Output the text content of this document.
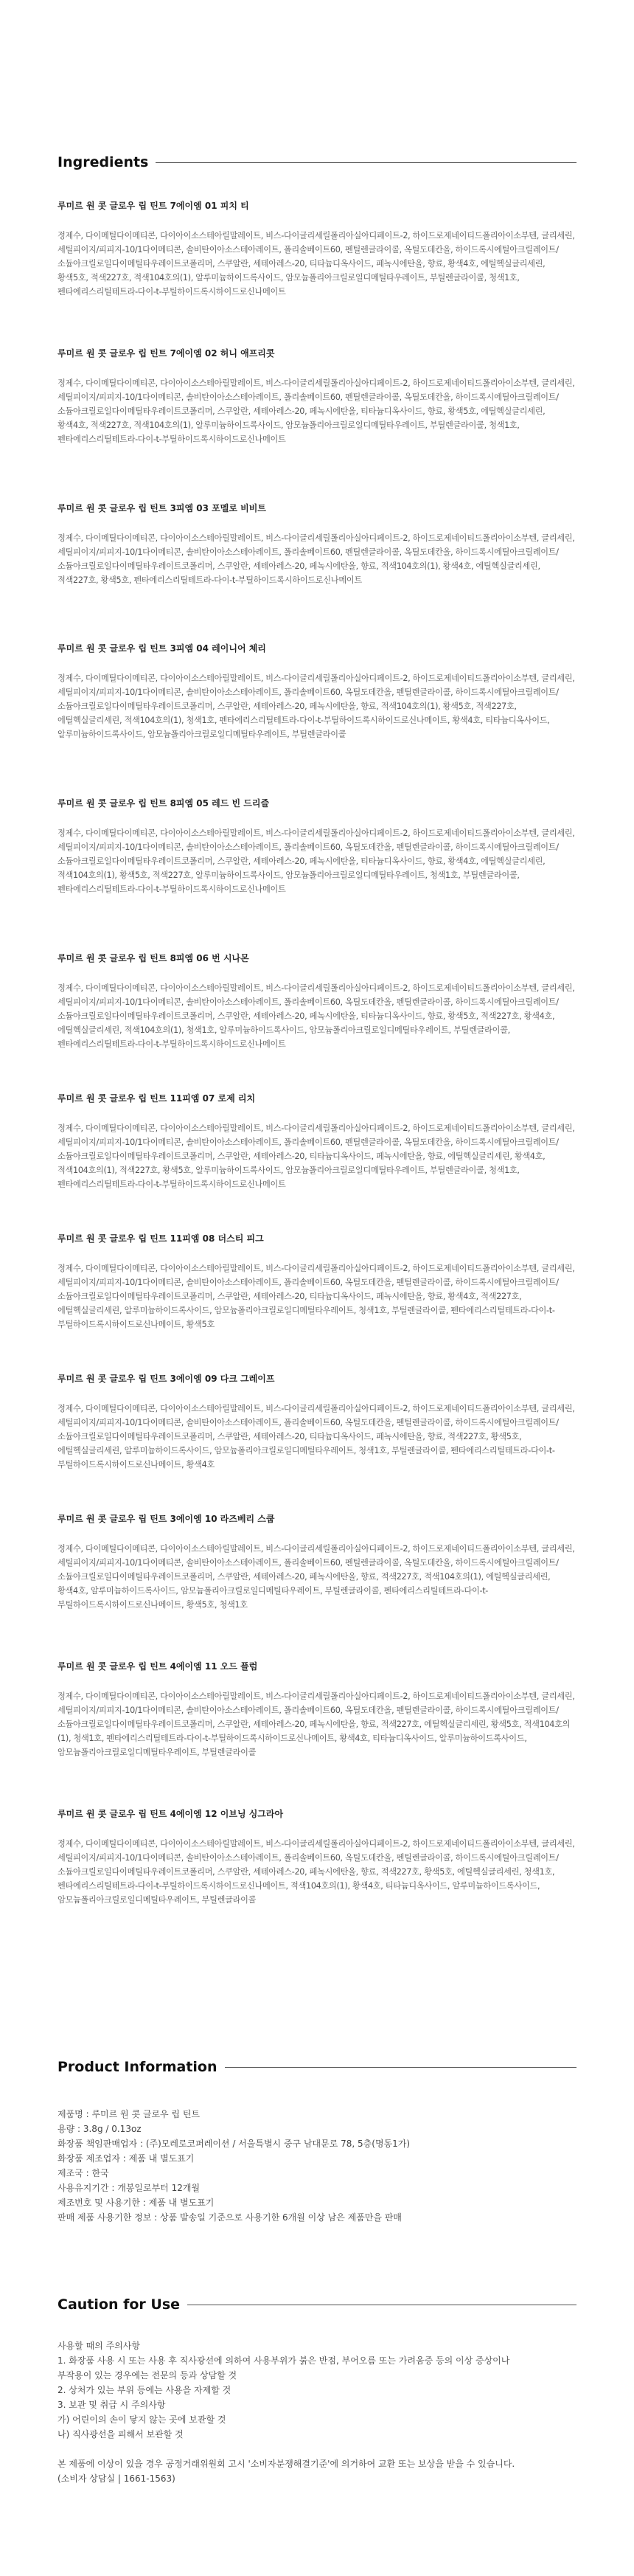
Ingredients

루미르 원 콧 글로우 립 틴트 7에이엠 01 피치 티

정제수, 다이메틸다이메티콘, 다이아이소스테아릴말레이트, 비스-다이글리세릴폴리아실아디페이트-2, 하이드로제네이티드폴리아이소부텐, 글리세린, 세틸피이지/피피지-10/1다이메티콘, 솔비탄이아소스테아레이트, 폴리솔베이트60, 펜틸렌글라이콜, 옥틸도데칸올, 하이드록시에틸아크릴레이트/소듐아크릴로일다이메틸타우레이트코폴리머, 스쿠알란, 세테아레스-20, 티타늄디옥사이드, 페녹시에탄올, 향료, 황색4호, 에틸헥실글리세린, 황색5호, 적색227호, 적색104호의(1), 알루미늄하이드록사이드, 암모늄폴리아크릴로일디메틸타우레이트, 부틸렌글라이콜, 청색1호, 펜타에리스리틸테트라-다이-t-부틸하이드록시하이드로신나메이트

루미르 원 콧 글로우 립 틴트 7에이엠 02 허니 애프리콧

정제수, 다이메틸다이메티콘, 다이아이소스테아릴말레이트, 비스-다이글리세릴폴리아실아디페이트-2, 하이드로제네이티드폴리아이소부텐, 글리세린, 세틸피이지/피피지-10/1다이메티콘, 솔비탄이아소스테아레이트, 폴리솔베이트60, 펜틸렌글라이콜, 옥틸도데칸올, 하이드록시에틸아크릴레이트/소듐아크릴로일다이메틸타우레이트코폴리머, 스쿠알란, 세테아레스-20, 페녹시에탄올, 티타늄디옥사이드, 향료, 황색5호, 에틸헥실글리세린, 황색4호, 적색227호, 적색104호의(1), 알루미늄하이드록사이드, 암모늄폴리아크릴로일디메틸타우레이트, 부틸렌글라이콜, 청색1호, 펜타에리스리틸테트라-다이-t-부틸하이드록시하이드로신나메이트

루미르 원 콧 글로우 립 틴트 3피엠 03 포멜로 비비트

정제수, 다이메틸다이메티콘, 다이아이소스테아릴말레이트, 비스-다이글리세릴폴리아실아디페이트-2, 하이드로제네이티드폴리아이소부텐, 글리세린, 세틸피이지/피피지-10/1다이메티콘, 솔비탄이아소스테아레이트, 폴리솔베이트60, 펜틸렌글라이콜, 옥틸도데칸올, 하이드록시에틸아크릴레이트/소듐아크릴로일다이메틸타우레이트코폴리머, 스쿠알란, 세테아레스-20, 페녹시에탄올, 향료, 적색104호의(1), 황색4호, 에틸헥실글리세린, 적색227호, 황색5호, 펜타에리스리틸테트라-다이-t-부틸하이드록시하이드로신나메이트

루미르 원 콧 글로우 립 틴트 3피엠 04 레이니어 체리

정제수, 다이메틸다이메티콘, 다이아이소스테아릴말레이트, 비스-다이글리세릴폴리아실아디페이트-2, 하이드로제네이티드폴리아이소부텐, 글리세린, 세틸피이지/피피지-10/1다이메티콘, 솔비탄이아소스테아레이트, 폴리솔베이트60, 옥틸도데칸올, 펜틸렌글라이콜, 하이드록시에틸아크릴레이트/소듐아크릴로일다이메틸타우레이트코폴리머, 스쿠알란, 세테아레스-20, 페녹시에탄올, 향료, 적색104호의(1), 황색5호, 적색227호, 에틸헥실글리세린, 적색104호의(1), 청색1호, 펜타에리스리틸테트라-다이-t-부틸하이드록시하이드로신나메이트, 황색4호, 티타늄디옥사이드, 알루미늄하이드록사이드, 암모늄폴리아크릴로일디메틸타우레이트, 부틸렌글라이콜

루미르 원 콧 글로우 립 틴트 8피엠 05 레드 빈 드리즐

정제수, 다이메틸다이메티콘, 다이아이소스테아릴말레이트, 비스-다이글리세릴폴리아실아디페이트-2, 하이드로제네이티드폴리아이소부텐, 글리세린, 세틸피이지/피피지-10/1다이메티콘, 솔비탄이아소스테아레이트, 폴리솔베이트60, 옥틸도데칸올, 펜틸렌글라이콜, 하이드록시에틸아크릴레이트/소듐아크릴로일다이메틸타우레이트코폴리머, 스쿠알란, 세테아레스-20, 페녹시에탄올, 티타늄디옥사이드, 향료, 황색4호, 에틸헥실글리세린, 적색104호의(1), 황색5호, 적색227호, 알루미늄하이드록사이드, 암모늄폴리아크릴로일디메틸타우레이트, 청색1호, 부틸렌글라이콜, 펜타에리스리틸테트라-다이-t-부틸하이드록시하이드로신나메이트

루미르 원 콧 글로우 립 틴트 8피엠 06 번 시나몬

정제수, 다이메틸다이메티콘, 다이아이소스테아릴말레이트, 비스-다이글리세릴폴리아실아디페이트-2, 하이드로제네이티드폴리아이소부텐, 글리세린, 세틸피이지/피피지-10/1다이메티콘, 솔비탄이아소스테아레이트, 폴리솔베이트60, 옥틸도데칸올, 펜틸렌글라이콜, 하이드록시에틸아크릴레이트/소듐아크릴로일다이메틸타우레이트코폴리머, 스쿠알란, 세테아레스-20, 페녹시에탄올, 티타늄디옥사이드, 향료, 황색5호, 적색227호, 황색4호, 에틸헥실글리세린, 적색104호의(1), 청색1호, 알루미늄하이드록사이드, 암모늄폴리아크릴로일디메틸타우레이트, 부틸렌글라이콜, 펜타에리스리틸테트라-다이-t-부틸하이드록시하이드로신나메이트

루미르 원 콧 글로우 립 틴트 11피엠 07 로제 리치

정제수, 다이메틸다이메티콘, 다이아이소스테아릴말레이트, 비스-다이글리세릴폴리아실아디페이트-2, 하이드로제네이티드폴리아이소부텐, 글리세린, 세틸피이지/피피지-10/1다이메티콘, 솔비탄이아소스테아레이트, 폴리솔베이트60, 펜틸렌글라이콜, 옥틸도데칸올, 하이드록시에틸아크릴레이트/소듐아크릴로일다이메틸타우레이트코폴리머, 스쿠알란, 세테아레스-20, 티타늄디옥사이드, 페녹시에탄올, 향료, 에틸헥실글리세린, 황색4호, 적색104호의(1), 적색227호, 황색5호, 알루미늄하이드록사이드, 암모늄폴리아크릴로일디메틸타우레이트, 부틸렌글라이콜, 청색1호, 펜타에리스리틸테트라-다이-t-부틸하이드록시하이드로신나메이트

루미르 원 콧 글로우 립 틴트 11피엠 08 더스티 피그

정제수, 다이메틸다이메티콘, 다이아이소스테아릴말레이트, 비스-다이글리세릴폴리아실아디페이트-2, 하이드로제네이티드폴리아이소부텐, 글리세린, 세틸피이지/피피지-10/1다이메티콘, 솔비탄이아소스테아레이트, 폴리솔베이트60, 옥틸도데칸올, 펜틸렌글라이콜, 하이드록시에틸아크릴레이트/소듐아크릴로일다이메틸타우레이트코폴리머, 스쿠알란, 세테아레스-20, 티타늄디옥사이드, 페녹시에탄올, 향료, 황색4호, 적색227호, 에틸헥실글리세린, 알루미늄하이드록사이드, 암모늄폴리아크릴로일디메틸타우레이트, 청색1호, 부틸렌글라이콜, 펜타에리스리틸테트라-다이-t-부틸하이드록시하이드로신나메이트, 황색5호

루미르 원 콧 글로우 립 틴트 3에이엠 09 다크 그레이프

정제수, 다이메틸다이메티콘, 다이아이소스테아릴말레이트, 비스-다이글리세릴폴리아실아디페이트-2, 하이드로제네이티드폴리아이소부텐, 글리세린, 세틸피이지/피피지-10/1다이메티콘, 솔비탄이아소스테아레이트, 폴리솔베이트60, 옥틸도데칸올, 펜틸렌글라이콜, 하이드록시에틸아크릴레이트/소듐아크릴로일다이메틸타우레이트코폴리머, 스쿠알란, 세테아레스-20, 티타늄디옥사이드, 페녹시에탄올, 향료, 적색227호, 황색5호, 에틸헥실글리세린, 알루미늄하이드록사이드, 암모늄폴리아크릴로일디메틸타우레이트, 청색1호, 부틸렌글라이콜, 펜타에리스리틸테트라-다이-t-부틸하이드록시하이드로신나메이트, 황색4호

루미르 원 콧 글로우 립 틴트 3에이엠 10 라즈베리 스쿱

정제수, 다이메틸다이메티콘, 다이아이소스테아릴말레이트, 비스-다이글리세릴폴리아실아디페이트-2, 하이드로제네이티드폴리아이소부텐, 글리세린, 세틸피이지/피피지-10/1다이메티콘, 솔비탄이아소스테아레이트, 폴리솔베이트60, 펜틸렌글라이콜, 옥틸도데칸올, 하이드록시에틸아크릴레이트/소듐아크릴로일다이메틸타우레이트코폴리머, 스쿠알란, 세테아레스-20, 페녹시에탄올, 향료, 적색227호, 적색104호의(1), 에틸헥실글리세린, 황색4호, 알루미늄하이드록사이드, 암모늄폴리아크릴로일디메틸타우레이트, 부틸렌글라이콜, 펜타에리스리틸테트라-다이-t-부틸하이드록시하이드로신나메이트, 황색5호, 청색1호

루미르 원 콧 글로우 립 틴트 4에이엠 11 오드 플럼

정제수, 다이메틸다이메티콘, 다이아이소스테아릴말레이트, 비스-다이글리세릴폴리아실아디페이트-2, 하이드로제네이티드폴리아이소부텐, 글리세린, 세틸피이지/피피지-10/1다이메티콘, 솔비탄이아소스테아레이트, 폴리솔베이트60, 옥틸도데칸올, 펜틸렌글라이콜, 하이드록시에틸아크릴레이트/소듐아크릴로일다이메틸타우레이트코폴리머, 스쿠알란, 세테아레스-20, 페녹시에탄올, 향료, 적색227호, 에틸헥실글리세린, 황색5호, 적색104호의(1), 청색1호, 펜타에리스리틸테트라-다이-t-부틸하이드록시하이드로신나메이트, 황색4호, 티타늄디옥사이드, 알루미늄하이드록사이드, 암모늄폴리아크릴로일디메틸타우레이트, 부틸렌글라이콜

루미르 원 콧 글로우 립 틴트 4에이엠 12 이브닝 싱그라아

정제수, 다이메틸다이메티콘, 다이아이소스테아릴말레이트, 비스-다이글리세릴폴리아실아디페이트-2, 하이드로제네이티드폴리아이소부텐, 글리세린, 세틸피이지/피피지-10/1다이메티콘, 솔비탄이아소스테아레이트, 폴리솔베이트60, 옥틸도데칸올, 펜틸렌글라이콜, 하이드록시에틸아크릴레이트/소듐아크릴로일다이메틸타우레이트코폴리머, 스쿠알란, 세테아레스-20, 페녹시에탄올, 향료, 적색227호, 황색5호, 에틸헥실글리세린, 청색1호, 펜타에리스리틸테트라-다이-t-부틸하이드록시하이드로신나메이트, 적색104호의(1), 황색4호, 티타늄디옥사이드, 알루미늄하이드록사이드, 암모늄폴리아크릴로일디메틸타우레이트, 부틸렌글라이콜

Product Information

제품명 : 루미르 원 콧 글로우 립 틴트

용량 : 3.8g / 0.13oz

화장품 책임판매업자 : (주)모레로코퍼레이션 / 서울특별시 중구 남대문로 78, 5층(명동1가)

화장품 제조업자 : 제품 내 별도표기

제조국 : 한국

사용유지기간 : 개봉일로부터 12개월

제조번호 및 사용기한 : 제품 내 별도표기

판매 제품 사용기한 정보 : 상품 발송일 기준으로 사용기한 6개월 이상 남은 제품만을 판매

Caution for Use

사용할 때의 주의사항

1. 화장품 사용 시 또는 사용 후 직사광선에 의하여 사용부위가 붉은 반점, 부어오름 또는 가려움증 등의 이상 증상이나

부작용이 있는 경우에는 전문의 등과 상담할 것

2. 상처가 있는 부위 등에는 사용을 자제할 것

3. 보관 및 취급 시 주의사항

가) 어린이의 손이 닿지 않는 곳에 보관할 것

나) 직사광선을 피해서 보관할 것

본 제품에 이상이 있을 경우 공정거래위원회 고시 '소비자분쟁해결기준'에 의거하여 교환 또는 보상을 받을 수 있습니다.

(소비자 상담실 | 1661-1563)
